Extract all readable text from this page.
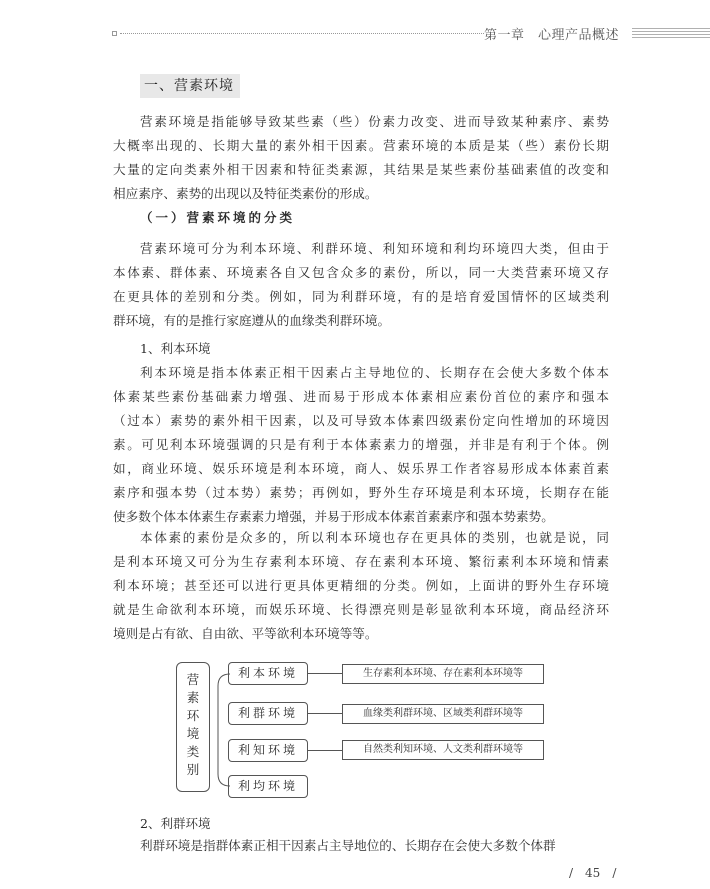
第一章　心理产品概述
一、营素环境

营素环境是指能够导致某些素（些）份素力改变、进而导致某种素序、素势

大概率出现的、长期大量的素外相干因素。营素环境的本质是某（些）素份长期

大量的定向类素外相干因素和特征类素源，其结果是某些素份基础素值的改变和

相应素序、素势的出现以及特征类素份的形成。

营素环境可分为利本环境、利群环境、利知环境和利均环境四大类，但由于

本体素、群体素、环境素各自又包含众多的素份，所以，同一大类营素环境又存

在更具体的差别和分类。例如，同为利群环境，有的是培育爱国情怀的区域类利

群环境，有的是推行家庭遵从的血缘类利群环境。

利本环境是指本体素正相干因素占主导地位的、长期存在会使大多数个体本

体素某些素份基础素力增强、进而易于形成本体素相应素份首位的素序和强本

（过本）素势的素外相干因素，以及可导致本体素四级素份定向性增加的环境因

素。可见利本环境强调的只是有利于本体素素力的增强，并非是有利于个体。例

如，商业环境、娱乐环境是利本环境，商人、娱乐界工作者容易形成本体素首素

素序和强本势（过本势）素势；再例如，野外生存环境是利本环境，长期存在能

使多数个体本体素生存素素力增强，并易于形成本体素首素素序和强本势素势。

本体素的素份是众多的，所以利本环境也存在更具体的类别，也就是说，同

是利本环境又可分为生存素利本环境、存在素利本环境、繁衍素利本环境和情素

利本环境；甚至还可以进行更具体更精细的分类。例如，上面讲的野外生存环境

就是生命欲利本环境，而娱乐环境、长得漂亮则是彰显欲利本环境，商品经济环

境则是占有欲、自由欲、平等欲利本环境等等。

利群环境是指群体素正相干因素占主导地位的、长期存在会使大多数个体群

（一）营素环境的分类
1、利本环境
2、利群环境
营
素
环
境
类
别
利本环境
利群环境
利知环境
利均环境
生存素利本环境、存在素利本环境等
血缘类利群环境、区域类利群环境等
自然类利知环境、人文类利群环境等
/　45　/
